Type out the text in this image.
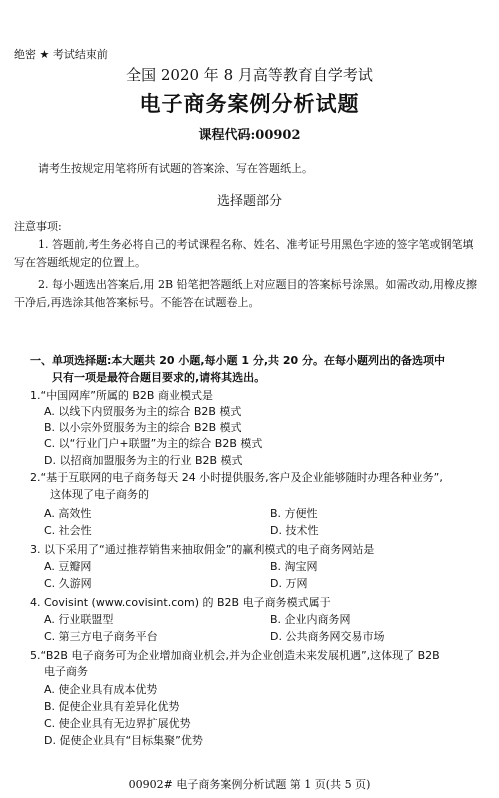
绝密 ★ 考试结束前
全国 2020 年 8 月高等教育自学考试
电子商务案例分析试题
课程代码:00902
请考生按规定用笔将所有试题的答案涂、写在答题纸上。
选择题部分
注意事项:
1. 答题前,考生务必将自己的考试课程名称、姓名、准考证号用黑色字迹的签字笔或钢笔填写在答题纸规定的位置上。
2. 每小题选出答案后,用 2B 铅笔把答题纸上对应题目的答案标号涂黑。如需改动,用橡皮擦干净后,再选涂其他答案标号。不能答在试题卷上。
一、单项选择题:本大题共 20 小题,每小题 1 分,共 20 分。在每小题列出的备选项中
只有一项是最符合题目要求的,请将其选出。
1.“中国网库”所属的 B2B 商业模式是
A. 以线下内贸服务为主的综合 B2B 模式
B. 以小宗外贸服务为主的综合 B2B 模式
C. 以“行业门户+联盟”为主的综合 B2B 模式
D. 以招商加盟服务为主的行业 B2B 模式
2.“基于互联网的电子商务每天 24 小时提供服务,客户及企业能够随时办理各种业务”,
这体现了电子商务的
A. 高效性	B. 方便性
C. 社会性	D. 技术性
3. 以下采用了“通过推荐销售来抽取佣金”的赢利模式的电子商务网站是
A. 豆瓣网	B. 淘宝网
C. 久游网	D. 万网
4. Covisint (www.covisint.com) 的 B2B 电子商务模式属于
A. 行业联盟型	B. 企业内商务网
C. 第三方电子商务平台	D. 公共商务网交易市场
5.“B2B 电子商务可为企业增加商业机会,并为企业创造未来发展机遇”,这体现了 B2B
电子商务
A. 使企业具有成本优势
B. 促使企业具有差异化优势
C. 使企业具有无边界扩展优势
D. 促使企业具有“目标集聚”优势
00902# 电子商务案例分析试题 第 1 页(共 5 页)
